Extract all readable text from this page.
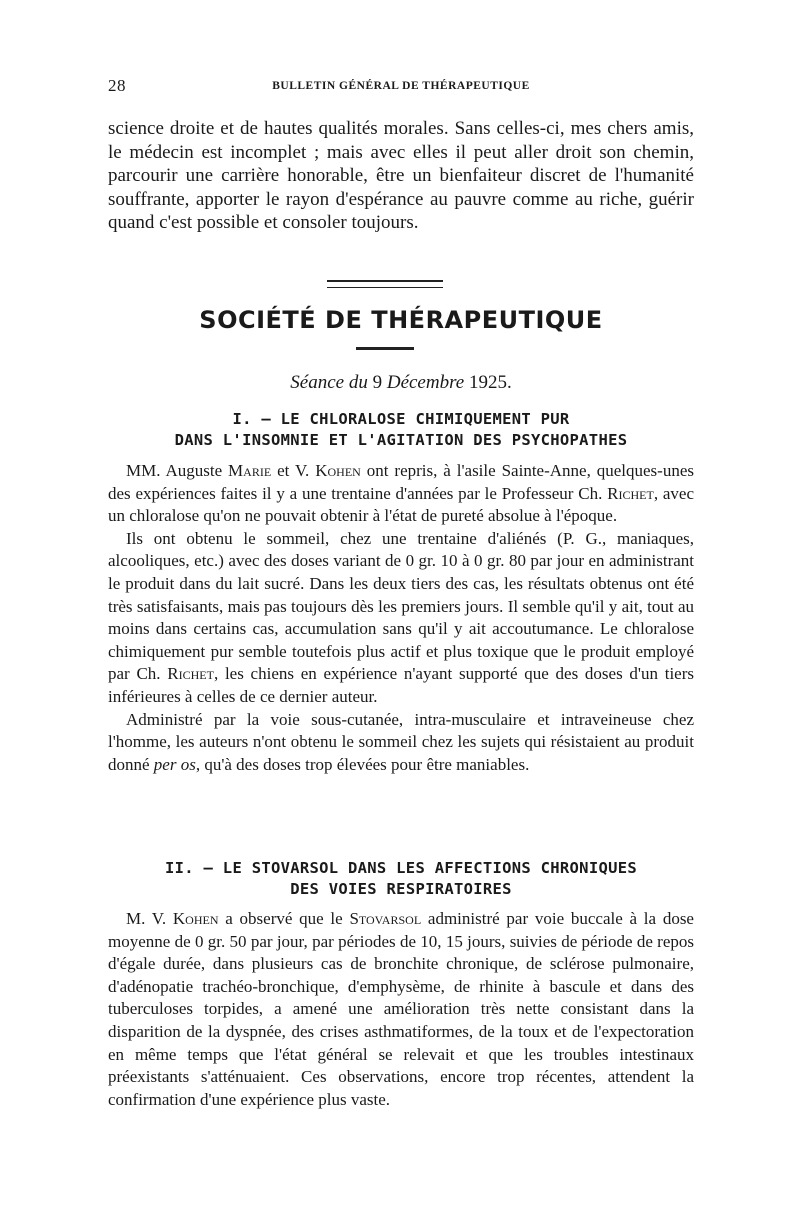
28	BULLETIN GÉNÉRAL DE THÉRAPEUTIQUE

science droite et de hautes qualités morales. Sans celles-ci, mes chers amis, le médecin est incomplet ; mais avec elles il peut aller droit son chemin, parcourir une carrière honorable, être un bienfaiteur discret de l'humanité souffrante, apporter le rayon d'espérance au pauvre comme au riche, guérir quand c'est possible et consoler toujours.

SOCIÉTÉ DE THÉRAPEUTIQUE
Séance du 9 Décembre 1925.
I. — LE CHLORALOSE CHIMIQUEMENT PUR
DANS L'INSOMNIE ET L'AGITATION DES PSYCHOPATHES

MM. Auguste Marie et V. Kohen ont repris, à l'asile Sainte-Anne, quelques-unes des expériences faites il y a une trentaine d'années par le Professeur Ch. Richet, avec un chloralose qu'on ne pouvait obtenir à l'état de pureté absolue à l'époque.

Ils ont obtenu le sommeil, chez une trentaine d'aliénés (P. G., maniaques, alcooliques, etc.) avec des doses variant de 0 gr. 10 à 0 gr. 80 par jour en administrant le produit dans du lait sucré. Dans les deux tiers des cas, les résultats obtenus ont été très satisfaisants, mais pas toujours dès les premiers jours. Il semble qu'il y ait, tout au moins dans certains cas, accumulation sans qu'il y ait accoutumance. Le chloralose chimiquement pur semble toutefois plus actif et plus toxique que le produit employé par Ch. Richet, les chiens en expérience n'ayant supporté que des doses d'un tiers inférieures à celles de ce dernier auteur.

Administré par la voie sous-cutanée, intra-musculaire et intraveineuse chez l'homme, les auteurs n'ont obtenu le sommeil chez les sujets qui résistaient au produit donné per os, qu'à des doses trop élevées pour être maniables.

II. — LE STOVARSOL DANS LES AFFECTIONS CHRONIQUES
DES VOIES RESPIRATOIRES

M. V. Kohen a observé que le Stovarsol administré par voie buccale à la dose moyenne de 0 gr. 50 par jour, par périodes de 10, 15 jours, suivies de période de repos d'égale durée, dans plusieurs cas de bronchite chronique, de sclérose pulmonaire, d'adénopatie trachéo-bronchique, d'emphysème, de rhinite à bascule et dans des tuberculoses torpides, a amené une amélioration très nette consistant dans la disparition de la dyspnée, des crises asthmatiformes, de la toux et de l'expectoration en même temps que l'état général se relevait et que les troubles intestinaux préexistants s'atténuaient. Ces observations, encore trop récentes, attendent la confirmation d'une expérience plus vaste.
